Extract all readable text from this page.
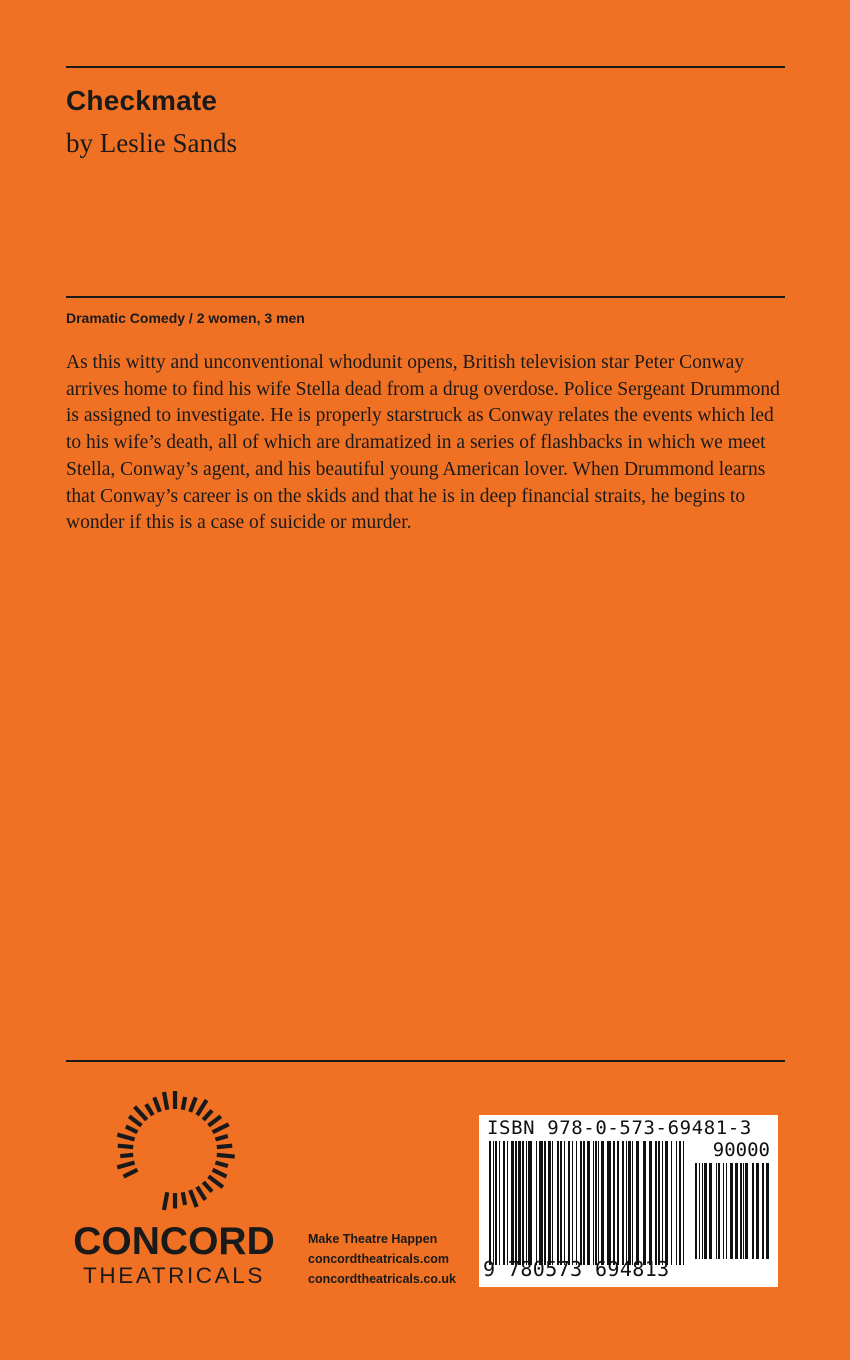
Checkmate
by Leslie Sands
Dramatic Comedy / 2 women, 3 men

As this witty and unconventional whodunit opens, British television star Peter Conway arrives home to find his wife Stella dead from a drug overdose. Police Sergeant Drummond is assigned to investigate. He is properly starstruck as Conway relates the events which led to his wife’s death, all of which are dramatized in a series of flashbacks in which we meet Stella, Conway’s agent, and his beautiful young American lover. When Drummond learns that Conway’s career is on the skids and that he is in deep financial straits, he begins to wonder if this is a case of suicide or murder.

CONCORD
THEATRICALS
Make Theatre Happen
concordtheatricals.com
concordtheatricals.co.uk
ISBN 978-0-573-69481-3
90000
9 780573 694813
